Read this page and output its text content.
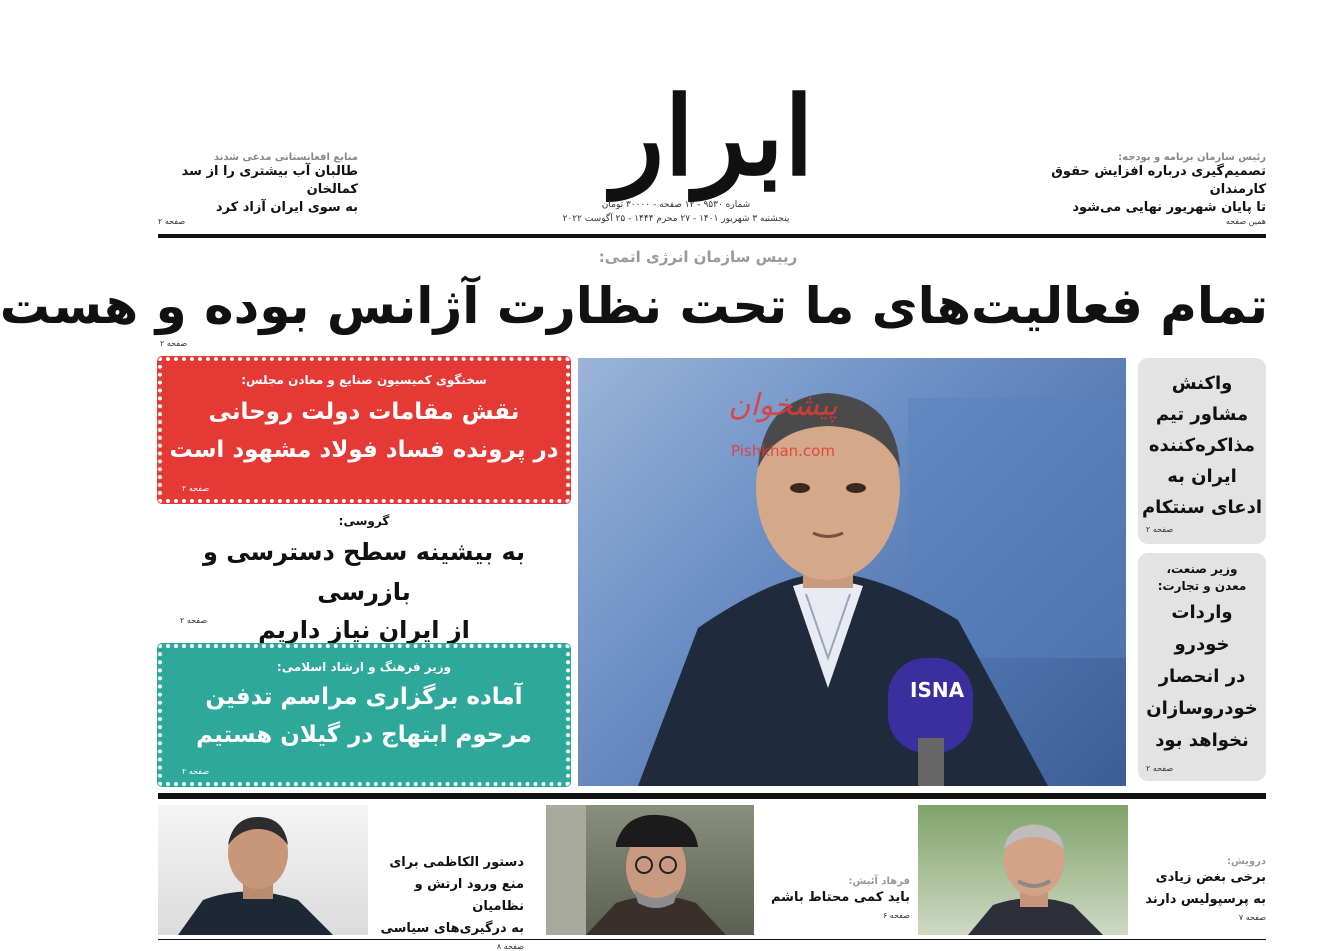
ابرار
شماره ۹۵۳۰ - ۱۲ صفحه - ۳۰۰۰۰ تومان
پنجشنبه ۳ شهریور ۱۴۰۱ - ۲۷ محرم ۱۴۴۴ - ۲۵ آگوست ۲۰۲۲
رئیس سازمان برنامه و بودجه:
تصمیم‌گیری درباره افزایش حقوق کارمندان
تا پایان شهریور نهایی می‌شود
همین صفحه
منابع افغانستانی مدعی شدند
طالبان آب بیشتری را از سد کمالخان
به سوی ایران آزاد کرد
صفحه ۲
رییس سازمان انرژی اتمی:
تمام فعالیت‌های ما تحت نظارت آژانس بوده و هست
صفحه ۲
ISNA
پیشخوان
Pishkhan.com
سخنگوی کمیسیون صنایع و معادن مجلس:
نقش مقامات دولت روحانی
در پرونده فساد فولاد مشهود است
صفحه ۲
گروسی:
به بیشینه سطح دسترسی و بازرسی
از ایران نیاز داریم
صفحه ۲
وزیر فرهنگ و ارشاد اسلامی:
آماده برگزاری مراسم تدفین
مرحوم ابتهاج در گیلان هستیم
صفحه ۲
واکنش
مشاور تیم
مذاکره‌کننده
ایران به
ادعای سنتکام
صفحه ۲
وزیر صنعت،
معدن و تجارت:
واردات
خودرو
در انحصار
خودروسازان
نخواهد بود
صفحه ۲
دستور الکاظمی برای
منع ورود ارتش و نظامیان
به درگیری‌های سیاسی
صفحه ۸
فرهاد آئیش:
باید کمی محتاط باشم
صفحه ۶
درویش:
برخی بغض زیادی
به پرسپولیس دارند
صفحه ۷
